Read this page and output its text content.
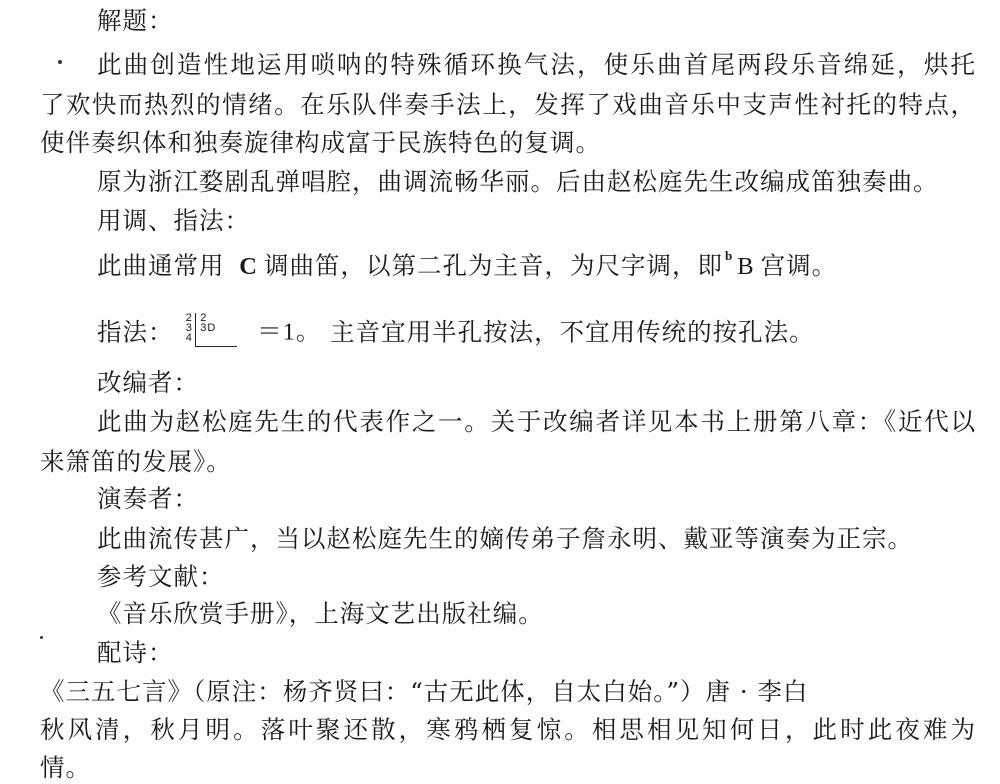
解题：
此曲创造性地运用唢呐的特殊循环换气法，使乐曲首尾两段乐音绵延，烘托
了欢快而热烈的情绪。在乐队伴奏手法上，发挥了戏曲音乐中支声性衬托的特点，
使伴奏织体和独奏旋律构成富于民族特色的复调。
原为浙江婺剧乱弹唱腔，曲调流畅华丽。后由赵松庭先生改编成笛独奏曲。
用调、指法：
此曲通常用 C 调曲笛，以第二孔为主音，为尺字调，即 $^b$ B 宫调。
指法： 2
3
4
2
3D ＝1。 主音宜用半孔按法，不宜用传统的按孔法。
改编者：
此曲为赵松庭先生的代表作之一。关于改编者详见本书上册第八章：《近代以
来箫笛的发展》。
演奏者：
此曲流传甚广，当以赵松庭先生的嫡传弟子詹永明、戴亚等演奏为正宗。
参考文献：
《音乐欣赏手册》，上海文艺出版社编。
配诗：
《三五七言》（原注：杨齐贤曰：“古无此体，自太白始。”）唐 · 李白
秋风清，秋月明。落叶聚还散，寒鸦栖复惊。相思相见知何日，此时此夜难为
情。
